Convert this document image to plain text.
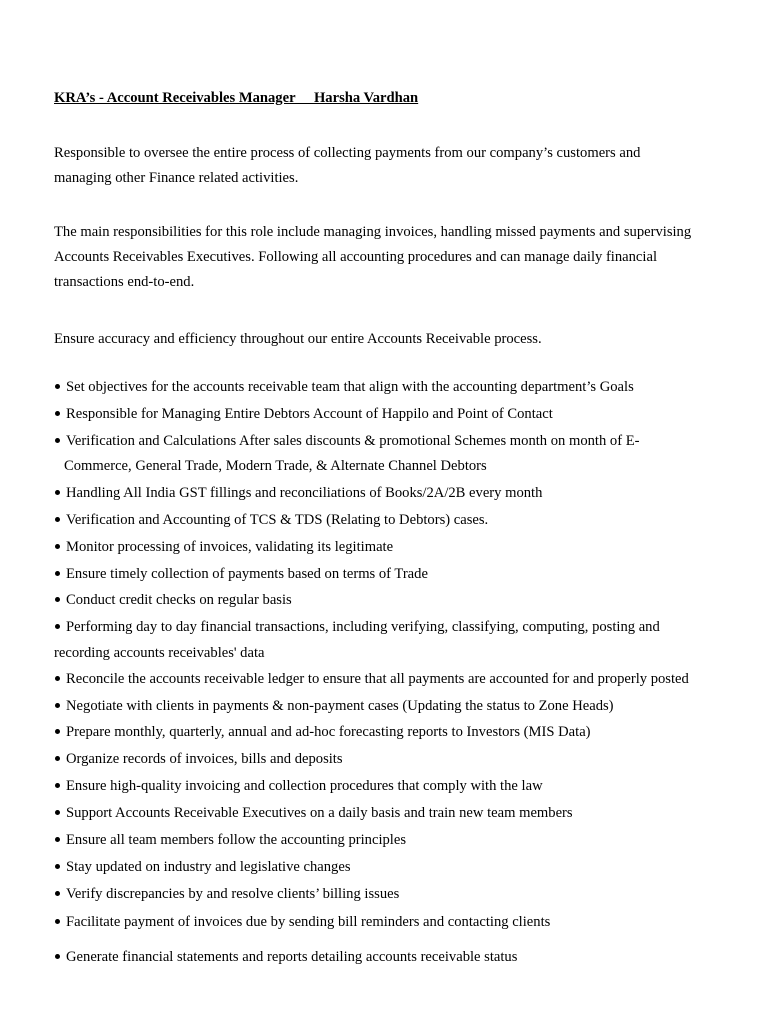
KRA’s - Account Receivables Manager Harsha Vardhan
Responsible to oversee the entire process of collecting payments from our company’s customers and
managing other Finance related activities.
The main responsibilities for this role include managing invoices, handling missed payments and supervising
Accounts Receivables Executives. Following all accounting procedures and can manage daily financial
transactions end-to-end.
Ensure accuracy and efficiency throughout our entire Accounts Receivable process.
Set objectives for the accounts receivable team that align with the accounting department’s Goals
Responsible for Managing Entire Debtors Account of Happilo and Point of Contact
Verification and Calculations After sales discounts & promotional Schemes month on month of E-
Commerce, General Trade, Modern Trade, & Alternate Channel Debtors
Handling All India GST fillings and reconciliations of Books/2A/2B every month
Verification and Accounting of TCS & TDS (Relating to Debtors) cases.
Monitor processing of invoices, validating its legitimate
Ensure timely collection of payments based on terms of Trade
Conduct credit checks on regular basis
Performing day to day financial transactions, including verifying, classifying, computing, posting and
recording accounts receivables' data
Reconcile the accounts receivable ledger to ensure that all payments are accounted for and properly posted
Negotiate with clients in payments & non-payment cases (Updating the status to Zone Heads)
Prepare monthly, quarterly, annual and ad-hoc forecasting reports to Investors (MIS Data)
Organize records of invoices, bills and deposits
Ensure high-quality invoicing and collection procedures that comply with the law
Support Accounts Receivable Executives on a daily basis and train new team members
Ensure all team members follow the accounting principles
Stay updated on industry and legislative changes
Verify discrepancies by and resolve clients’ billing issues
Facilitate payment of invoices due by sending bill reminders and contacting clients
Generate financial statements and reports detailing accounts receivable status
